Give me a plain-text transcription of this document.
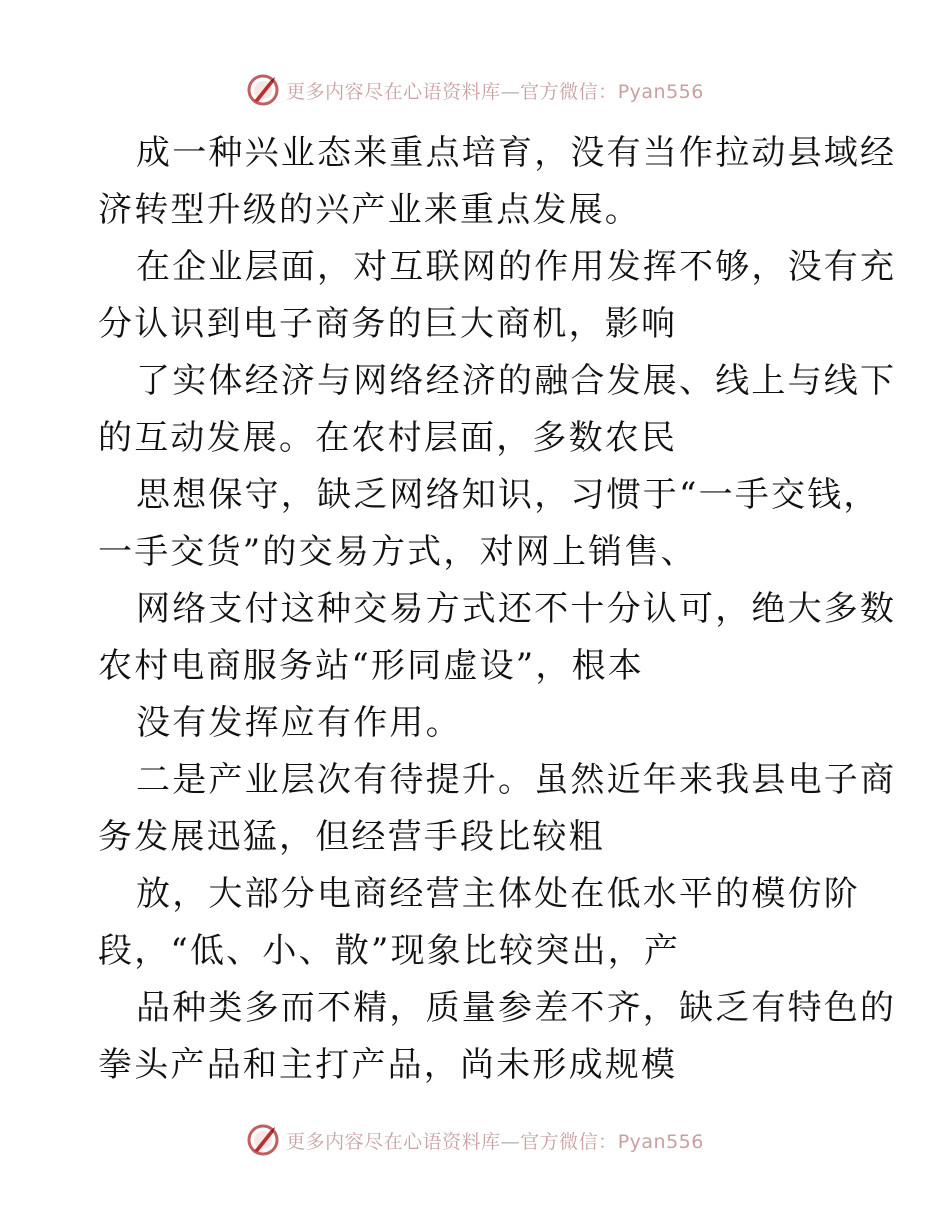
更多内容尽在心语资料库—官方微信：Pyan556
成一种兴业态来重点培育，没有当作拉动县域经
济转型升级的兴产业来重点发展。
在企业层面，对互联网的作用发挥不够，没有充
分认识到电子商务的巨大商机，影响
了实体经济与网络经济的融合发展、线上与线下
的互动发展。在农村层面，多数农民
思想保守，缺乏网络知识，习惯于“一手交钱，
一手交货”的交易方式，对网上销售、
网络支付这种交易方式还不十分认可，绝大多数
农村电商服务站“形同虚设”，根本
没有发挥应有作用。
二是产业层次有待提升。虽然近年来我县电子商
务发展迅猛，但经营手段比较粗
放，大部分电商经营主体处在低水平的模仿阶
段，“低、小、散”现象比较突出，产
品种类多而不精，质量参差不齐，缺乏有特色的
拳头产品和主打产品，尚未形成规模
更多内容尽在心语资料库—官方微信：Pyan556
